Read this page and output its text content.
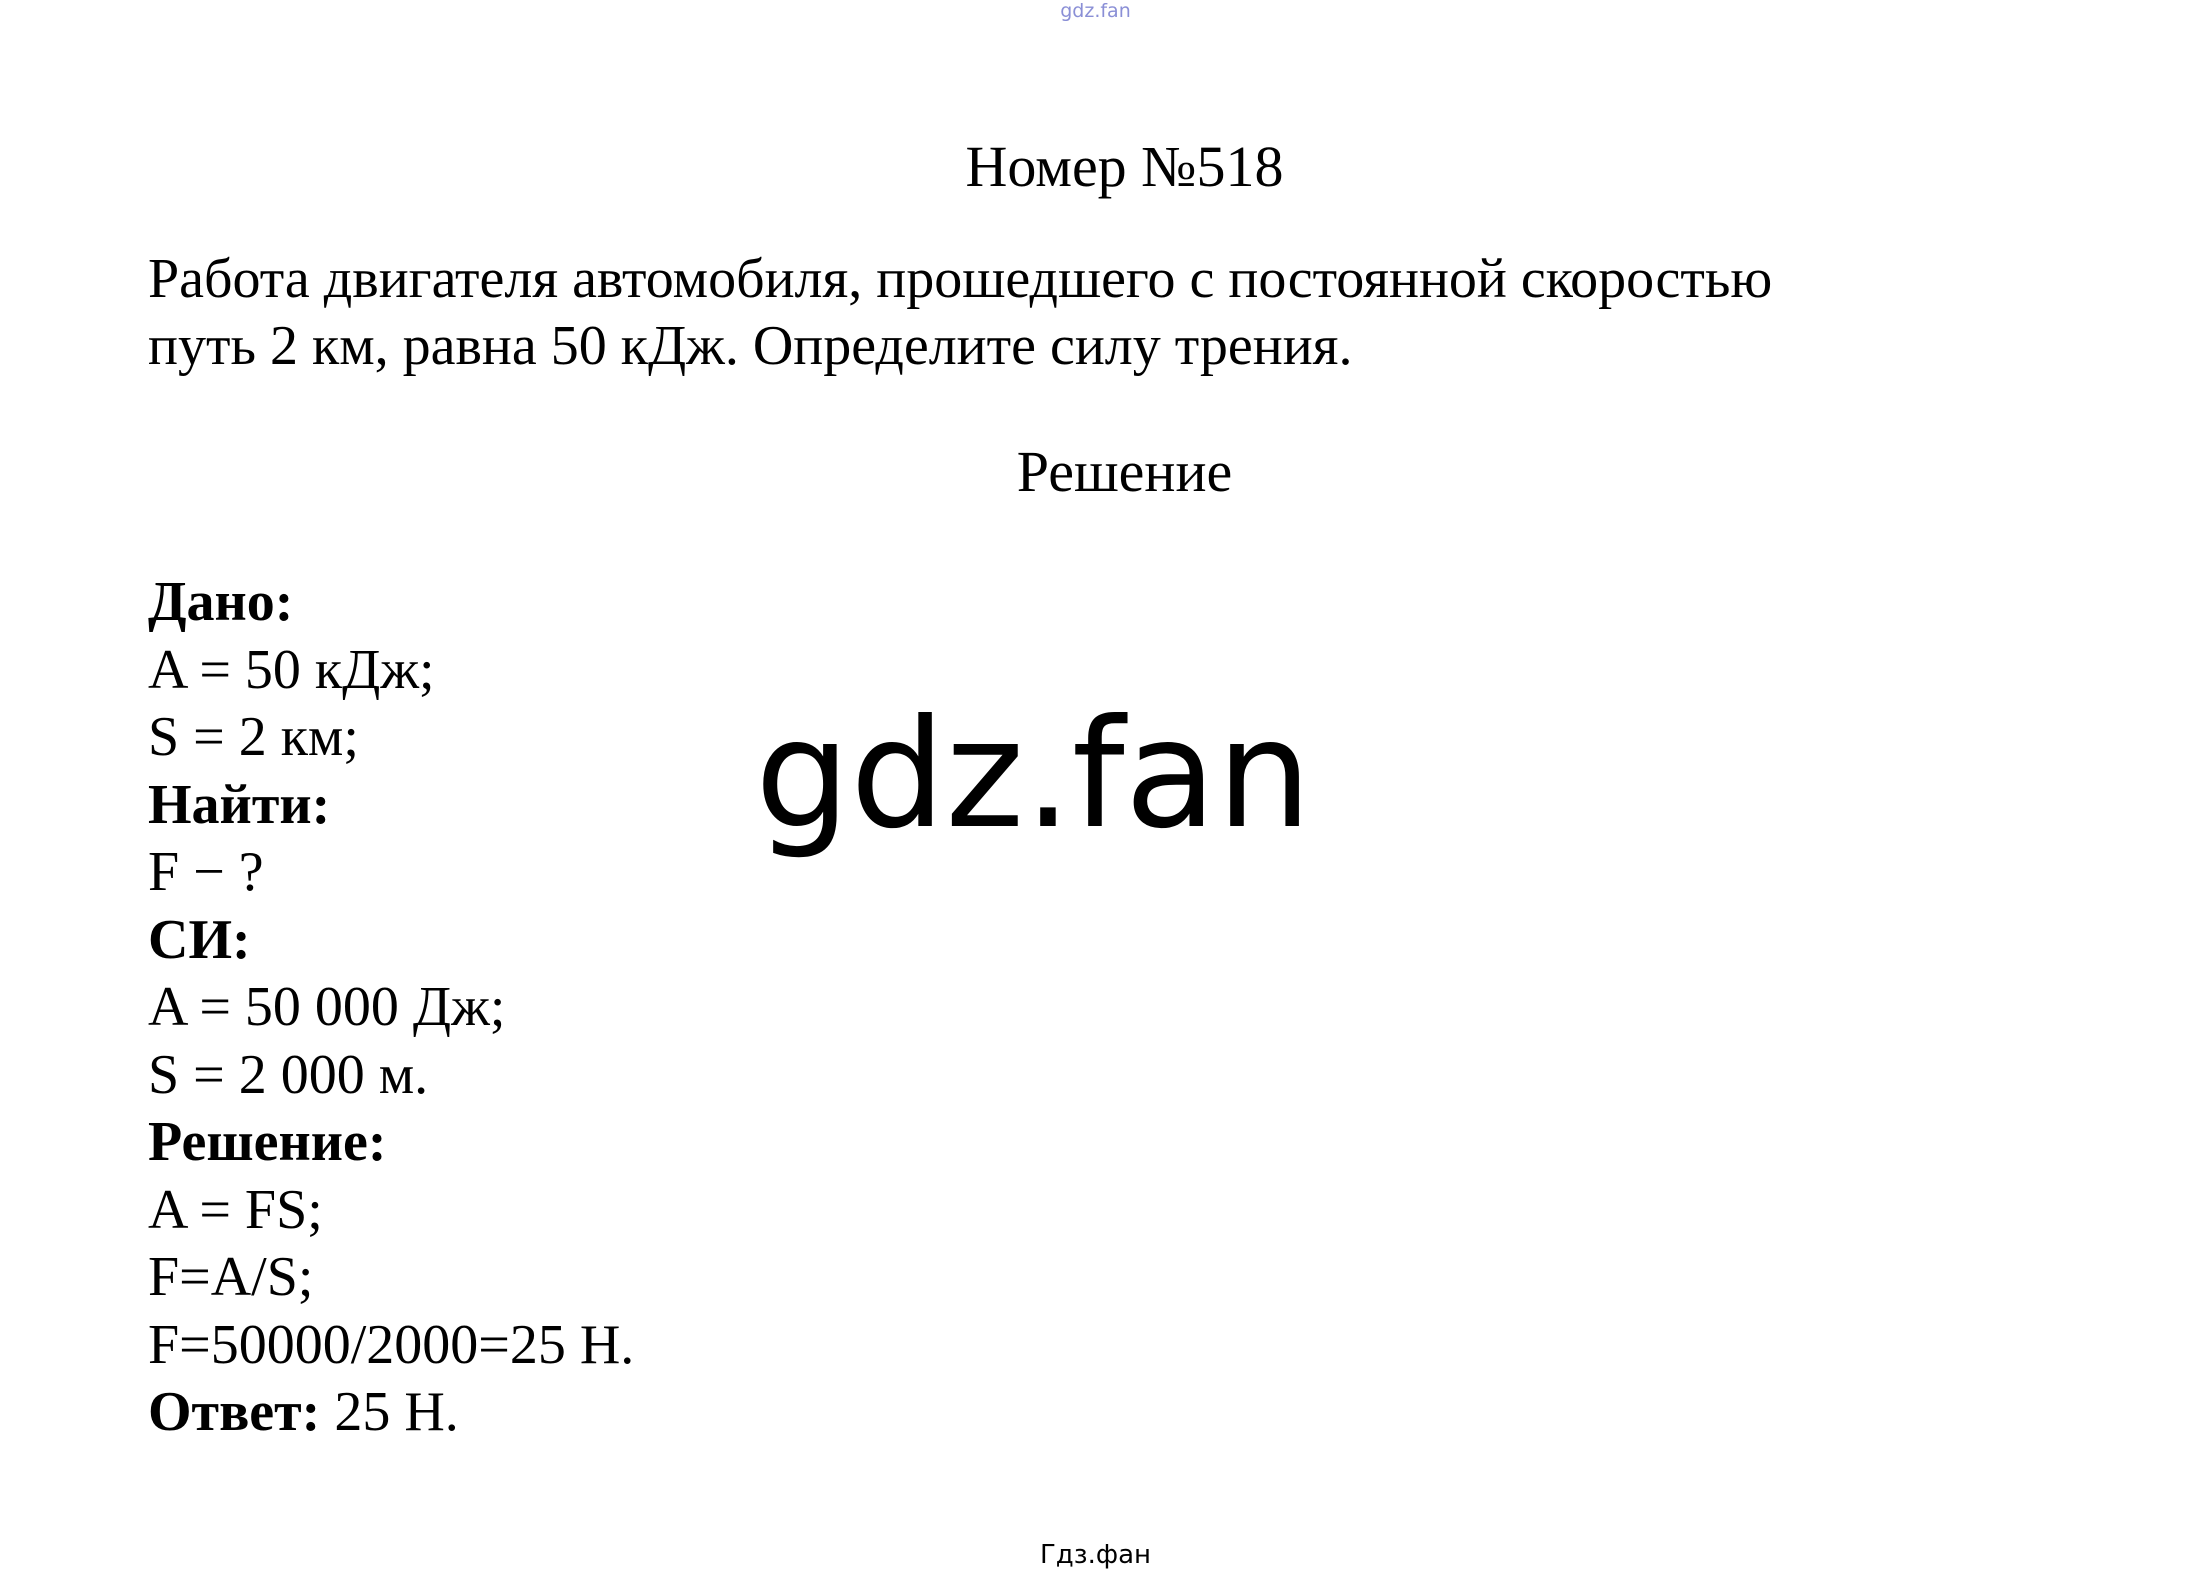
gdz.fan
Номер №518
Работа двигателя автомобиля, прошедшего с постоянной скоростью
путь 2 км, равна 50 кДж. Определите силу трения.
Решение
Дано:
A = 50 кДж;
S = 2 км;
Найти:
F − ?
СИ:
A = 50 000 Дж;
S = 2 000 м.
Решение:
A = FS;
F=A/S;
F=50000/2000=25 Н.
Ответ: 25 Н.
gdz.fan
Гдз.фан
